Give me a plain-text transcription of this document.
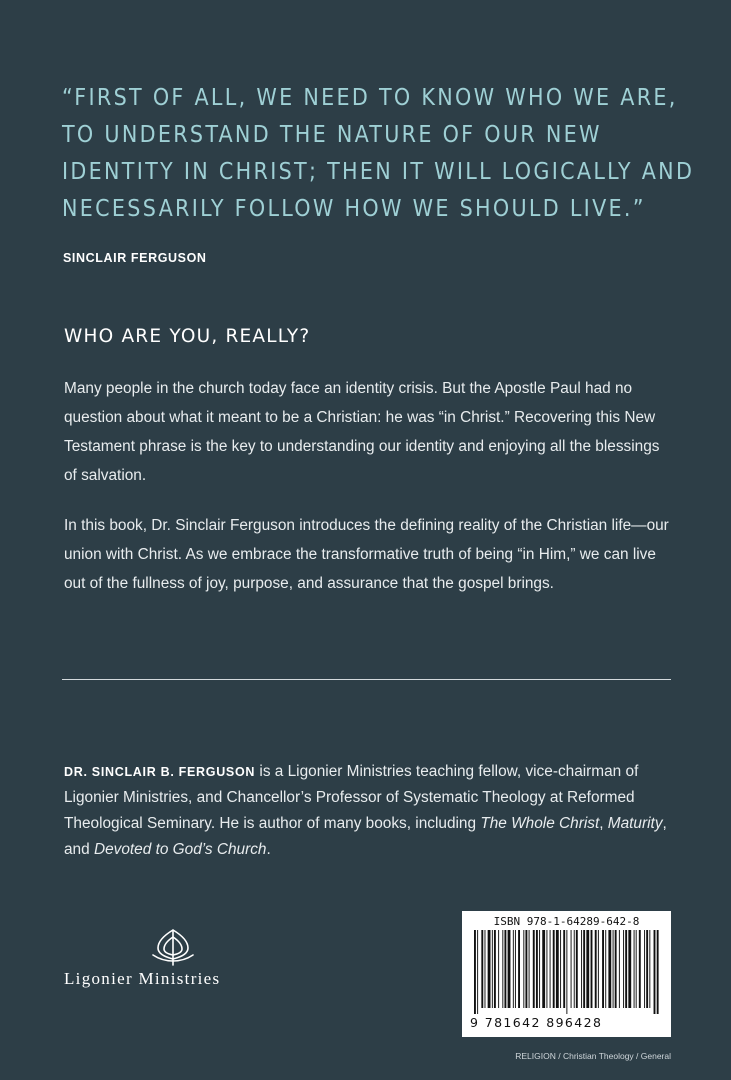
“FIRST OF ALL, WE NEED TO KNOW WHO WE ARE, TO UNDERSTAND THE NATURE OF OUR NEW IDENTITY IN CHRIST; THEN IT WILL LOGICALLY AND NECESSARILY FOLLOW HOW WE SHOULD LIVE.”

SINCLAIR FERGUSON
WHO ARE YOU, REALLY?

Many people in the church today face an identity crisis. But the Apostle Paul had no question about what it meant to be a Christian: he was “in Christ.” Recovering this New Testament phrase is the key to understanding our identity and enjoying all the blessings of salvation.

In this book, Dr. Sinclair Ferguson introduces the defining reality of the Christian life—our union with Christ. As we embrace the transformative truth of being “in Him,” we can live out of the fullness of joy, purpose, and assurance that the gospel brings.

DR. SINCLAIR B. FERGUSON is a Ligonier Ministries teaching fellow, vice-chairman of Ligonier Ministries, and Chancellor’s Professor of Systematic Theology at Reformed Theological Seminary. He is author of many books, including The Whole Christ, Maturity, and Devoted to God’s Church.

Ligonier Ministries
ISBN 978-1-64289-642-8
9 781642 896428
RELIGION / Christian Theology / General
